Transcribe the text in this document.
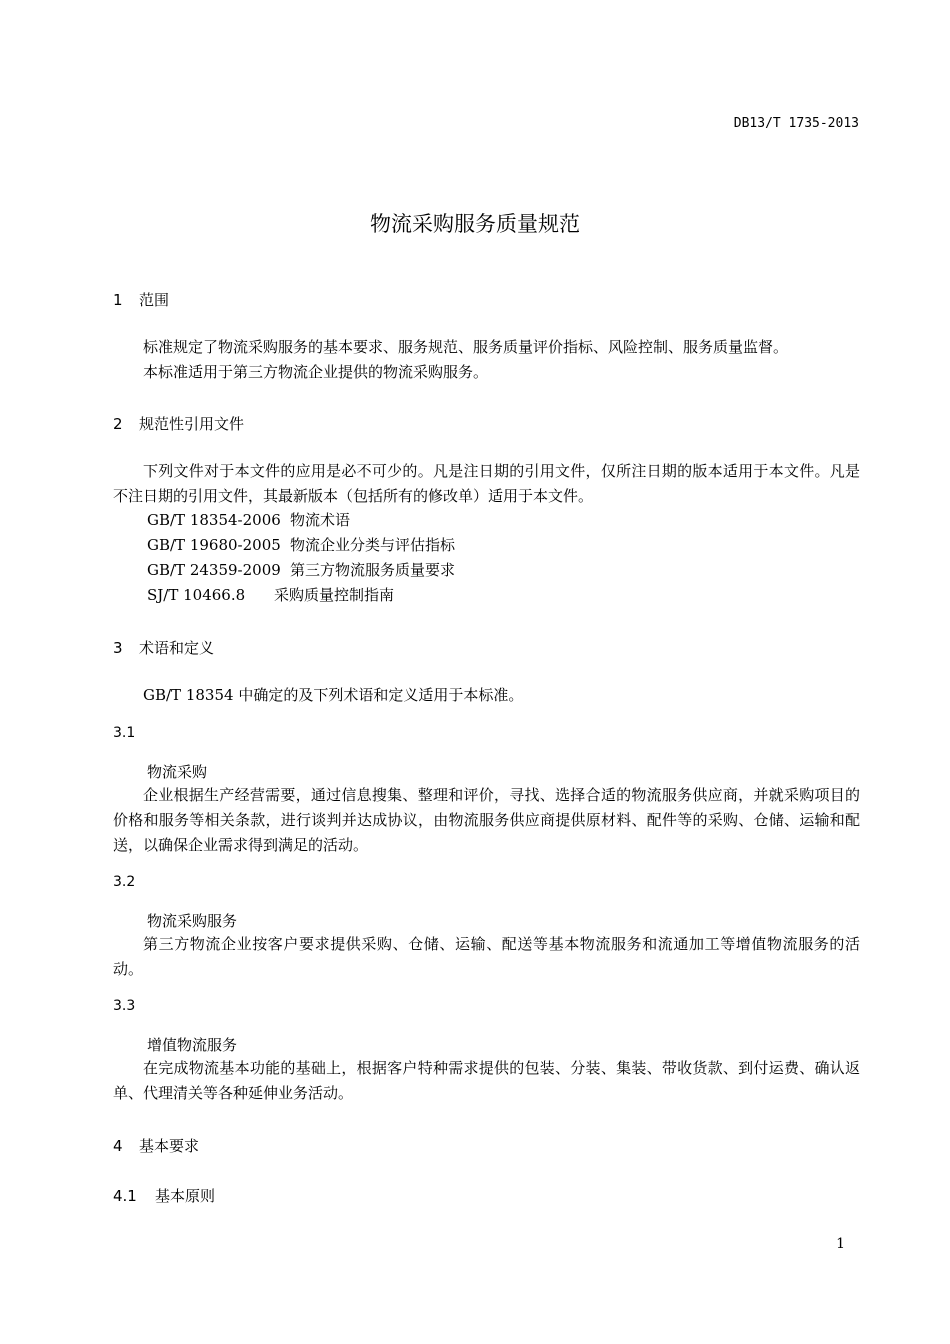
DB13/T 1735-2013
物流采购服务质量规范
1 范围
标准规定了物流采购服务的基本要求、服务规范、服务质量评价指标、风险控制、服务质量监督。
本标准适用于第三方物流企业提供的物流采购服务。
2 规范性引用文件
下列文件对于本文件的应用是必不可少的。凡是注日期的引用文件，仅所注日期的版本适用于本文件。凡是不注日期的引用文件，其最新版本（包括所有的修改单）适用于本文件。
GB/T 18354-2006 物流术语
GB/T 19680-2005 物流企业分类与评估指标
GB/T 24359-2009 第三方物流服务质量要求
SJ/T 10466.8 采购质量控制指南
3 术语和定义
GB/T 18354 中确定的及下列术语和定义适用于本标准。
3.1
物流采购
企业根据生产经营需要，通过信息搜集、整理和评价，寻找、选择合适的物流服务供应商，并就采购项目的价格和服务等相关条款，进行谈判并达成协议，由物流服务供应商提供原材料、配件等的采购、仓储、运输和配送，以确保企业需求得到满足的活动。
3.2
物流采购服务
第三方物流企业按客户要求提供采购、仓储、运输、配送等基本物流服务和流通加工等增值物流服务的活动。
3.3
增值物流服务
在完成物流基本功能的基础上，根据客户特种需求提供的包装、分装、集装、带收货款、到付运费、确认返单、代理清关等各种延伸业务活动。
4 基本要求
4.1 基本原则
1
